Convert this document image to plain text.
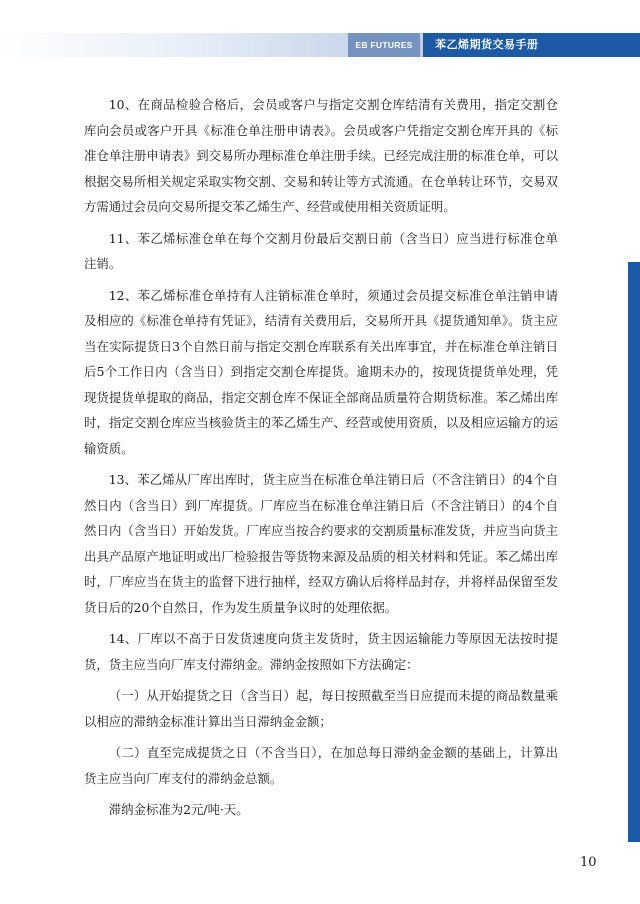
EB FUTURES	苯乙烯期货交易手册

10、在商品检验合格后，会员或客户与指定交割仓库结清有关费用，指定交割仓库向会员或客户开具《标准仓单注册申请表》。会员或客户凭指定交割仓库开具的《标准仓单注册申请表》到交易所办理标准仓单注册手续。已经完成注册的标准仓单，可以根据交易所相关规定采取实物交割、交易和转让等方式流通。在仓单转让环节，交易双方需通过会员向交易所提交苯乙烯生产、经营或使用相关资质证明。

11、苯乙烯标准仓单在每个交割月份最后交割日前（含当日）应当进行标准仓单注销。

12、苯乙烯标准仓单持有人注销标准仓单时，须通过会员提交标准仓单注销申请及相应的《标准仓单持有凭证》，结清有关费用后，交易所开具《提货通知单》。货主应当在实际提货日3个自然日前与指定交割仓库联系有关出库事宜，并在标准仓单注销日后5个工作日内（含当日）到指定交割仓库提货。逾期未办的，按现货提货单处理，凭现货提货单提取的商品，指定交割仓库不保证全部商品质量符合期货标准。苯乙烯出库时，指定交割仓库应当核验货主的苯乙烯生产、经营或使用资质，以及相应运输方的运输资质。

13、苯乙烯从厂库出库时，货主应当在标准仓单注销日后（不含注销日）的4个自然日内（含当日）到厂库提货。厂库应当在标准仓单注销日后（不含注销日）的4个自然日内（含当日）开始发货。厂库应当按合约要求的交割质量标准发货，并应当向货主出具产品原产地证明或出厂检验报告等货物来源及品质的相关材料和凭证。苯乙烯出库时，厂库应当在货主的监督下进行抽样，经双方确认后将样品封存，并将样品保留至发货日后的20个自然日，作为发生质量争议时的处理依据。

14、厂库以不高于日发货速度向货主发货时，货主因运输能力等原因无法按时提货，货主应当向厂库支付滞纳金。滞纳金按照如下方法确定：

（一）从开始提货之日（含当日）起，每日按照截至当日应提而未提的商品数量乘以相应的滞纳金标准计算出当日滞纳金金额；

（二）直至完成提货之日（不含当日），在加总每日滞纳金金额的基础上，计算出货主应当向厂库支付的滞纳金总额。

滞纳金标准为2元/吨·天。

10
